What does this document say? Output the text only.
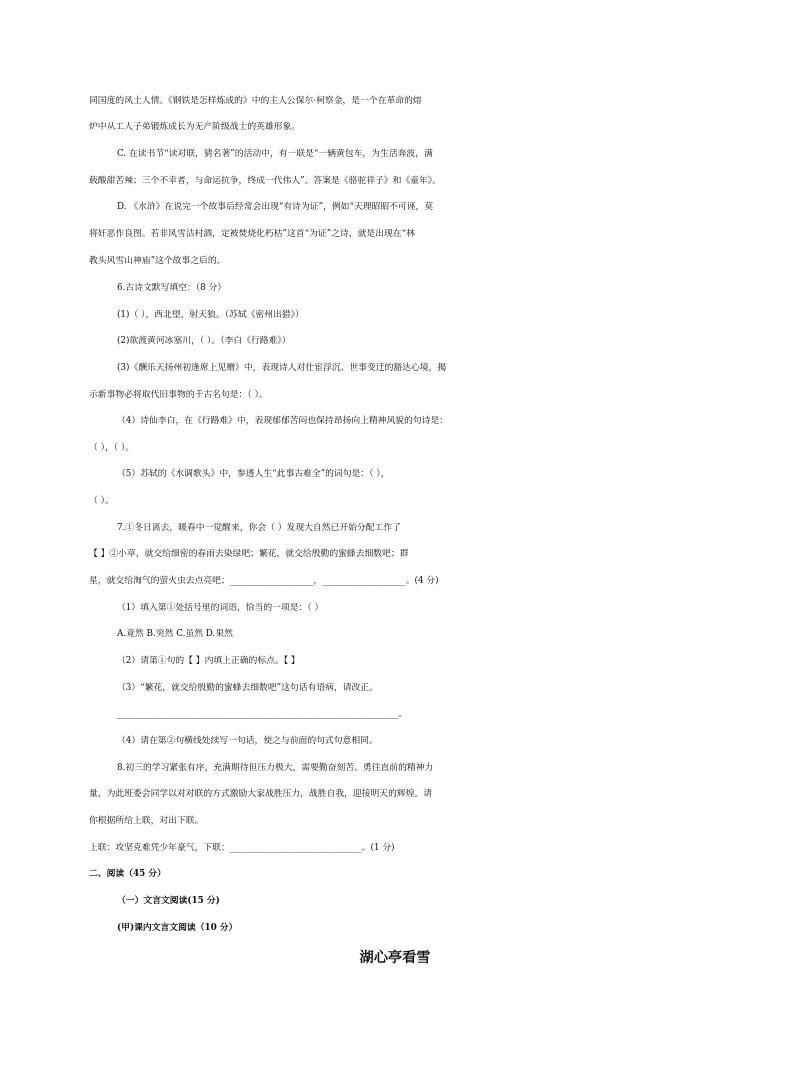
同国度的风土人情。《钢铁是怎样炼成的》中的主人公保尔·柯察金，是一个在革命的熔
炉中从工人子弟锻炼成长为无产阶级战士的英雄形象。
C. 在读书节“读对联，猜名著”的活动中，有一联是“一辆黄包车，为生活奔波，满
载酸甜苦辣；三个不幸者，与命运抗争，终成一代伟人”。答案是《骆驼祥子》和《童年》。
D. 《水浒》在说完一个故事后经常会出现“有诗为证”，例如“天理昭昭不可诬，莫
将奸恶作良图。若非风雪沽村酒，定被焚烧化朽枯”这首“为证”之诗，就是出现在“林
教头风雪山神庙”这个故事之后的。
6.古诗文默写填空：（8 分）
(1)（ ），西北望，射天狼。（苏轼《密州出猎》）
(2)欲渡黄河冰塞川，（ ）。（李白《行路难》）
(3)《酬乐天扬州初逢席上见赠》中，表现诗人对仕宦浮沉、世事变迁的豁达心境，揭
示新事物必将取代旧事物的千古名句是：（ ）。
（4）诗仙李白，在《行路难》中，表现郁郁苦闷也保持昂扬向上精神风貌的句诗是：
（ ），（ ）。
（5）苏轼的《水调歌头》中，参透人生“此事古难全”的词句是：（ ），
（ ）。
7.①冬日离去，暖春中一觉醒来，你会（ ）发现大自然已开始分配工作了
【 】②小草，就交给细密的春雨去染绿吧；繁花，就交给殷勤的蜜蜂去细数吧；群
星，就交给淘气的萤火虫去点亮吧；___________________，___________________。(4 分)
（1）填入第①处括号里的词语，恰当的一项是：（ ）
A.竟然 B.突然 C.虽然 D.果然
（2）请第①句的【 】内填上正确的标点。【 】
（3）“繁花，就交给殷勤的蜜蜂去细数吧”这句话有语病，请改正。
________________________________________________________________。
（4）请在第②句横线处续写一句话，使之与前面的句式句意相同。
8.初三的学习紧张有序，充满期待但压力极大，需要勤奋刻苦、勇往直前的精神力
量，为此班委会同学以对对联的方式激励大家战胜压力，战胜自我，迎接明天的辉煌。请
你根据所给上联，对出下联。
上联：攻坚克难凭少年豪气，下联：______________________________。(1 分)
二、阅读（45 分）
（一）文言文阅读(15 分)
(甲)课内文言文阅读（10 分）
湖心亭看雪
